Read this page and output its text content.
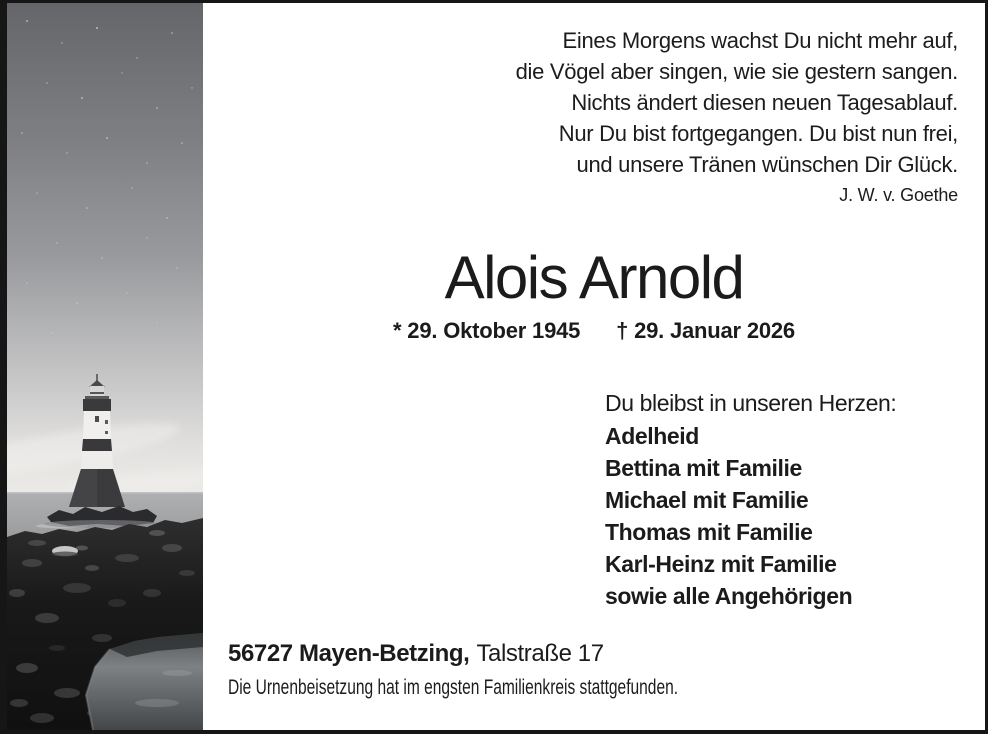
Eines Morgens wachst Du nicht mehr auf,
die Vögel aber singen, wie sie gestern sangen.
Nichts ändert diesen neuen Tagesablauf.
Nur Du bist fortgegangen. Du bist nun frei,
und unsere Tränen wünschen Dir Glück.
J. W. v. Goethe
Alois Arnold
* 29. Oktober 1945 † 29. Januar 2026
Du bleibst in unseren Herzen:
Adelheid
Bettina mit Familie
Michael mit Familie
Thomas mit Familie
Karl-Heinz mit Familie
sowie alle Angehörigen
56727 Mayen-Betzing, Talstraße 17
Die Urnenbeisetzung hat im engsten Familienkreis stattgefunden.
